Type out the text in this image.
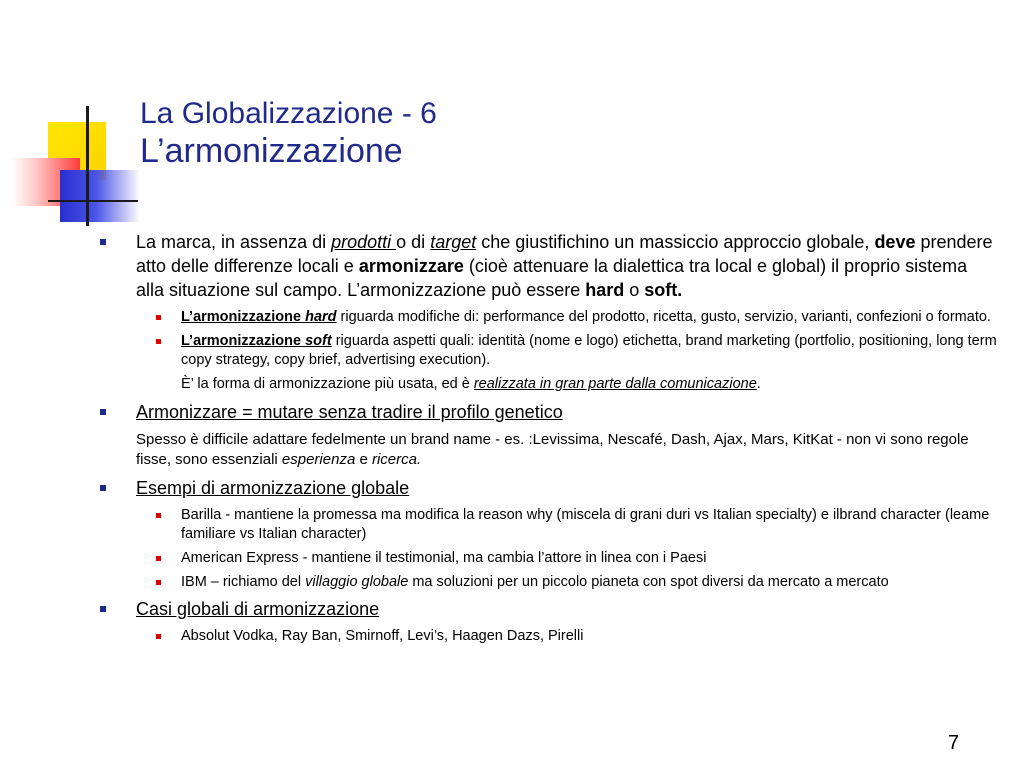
La Globalizzazione - 6
L’armonizzazione
La marca, in assenza di prodotti o di target che giustifichino un massiccio approccio globale, deve prendere atto delle differenze locali e armonizzare (cioè attenuare la dialettica tra local e global) il proprio sistema alla situazione sul campo. L’armonizzazione può essere hard o soft.
L’armonizzazione hard riguarda modifiche di: performance del prodotto, ricetta, gusto, servizio, varianti, confezioni o formato.
L’armonizzazione soft riguarda aspetti quali: identità (nome e logo) etichetta, brand marketing (portfolio, positioning, long term copy strategy, copy brief, advertising execution).
È’ la forma di armonizzazione più usata, ed è realizzata in gran parte dalla comunicazione.
Armonizzare = mutare senza tradire il profilo genetico
Spesso è difficile adattare fedelmente un brand name - es. :Levissima, Nescafé, Dash, Ajax, Mars, KitKat - non vi sono regole fisse, sono essenziali esperienza e ricerca.
Esempi di armonizzazione globale
Barilla - mantiene la promessa ma modifica la reason why (miscela di grani duri vs Italian specialty) e ilbrand character (leame familiare vs Italian character)
American Express - mantiene il testimonial, ma cambia l’attore in linea con i Paesi
IBM – richiamo del villaggio globale ma soluzioni per un piccolo pianeta con spot diversi da mercato a mercato
Casi globali di armonizzazione
Absolut Vodka, Ray Ban, Smirnoff, Levi’s, Haagen Dazs, Pirelli
7
